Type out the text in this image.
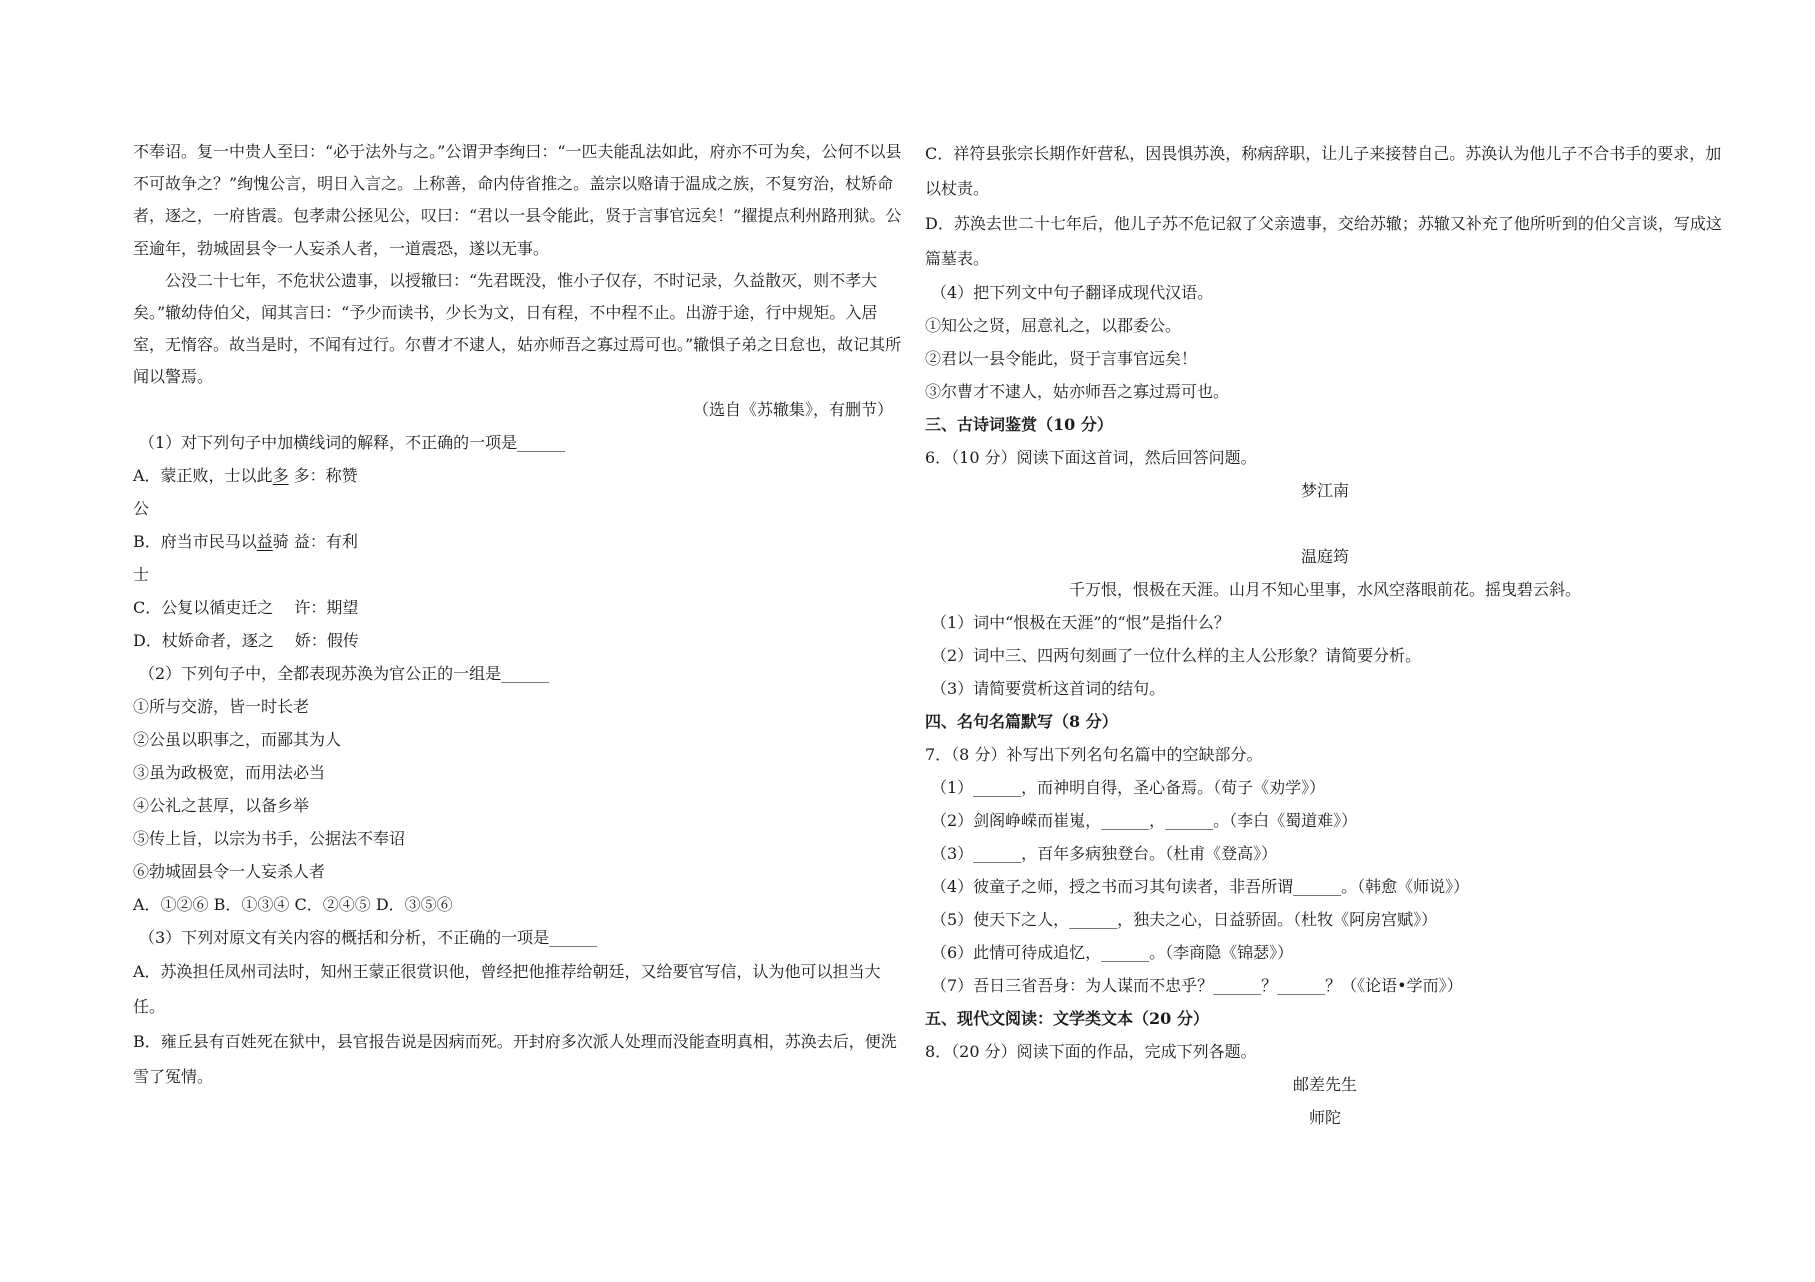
不奉诏。复一中贵人至曰：“必于法外与之。”公谓尹李绚曰：“一匹夫能乱法如此，府亦不可为矣，公何不以县不可故争之？”绚愧公言，明日入言之。上称善，命内侍省推之。盖宗以赂请于温成之族，不复穷治，杖矫命者，逐之，一府皆震。包孝肃公拯见公，叹曰：“君以一县令能此，贤于言事官远矣！”擢提点利州路刑狱。公至逾年，勃城固县令一人妄杀人者，一道震恐，遂以无事。

公没二十七年，不危状公遗事，以授辙曰：“先君既没，惟小子仅存，不时记录，久益散灭，则不孝大矣。”辙幼侍伯父，闻其言曰：“予少而读书，少长为文，日有程，不中程不止。出游于途，行中规矩。入居室，无惰容。故当是时，不闻有过行。尔曹才不逮人，姑亦师吾之寡过焉可也。”辙惧子弟之日怠也，故记其所闻以警焉。

（选自《苏辙集》，有删节）

（1）对下列句子中加横线词的解释，不正确的一项是______

A．蒙正败，士以此多 多：称赞

公

B．府当市民马以益骑 益：有利

士

C．公复以循吏迁之　 许：期望

D．杖娇命者，逐之　 娇：假传

（2）下列句子中，全都表现苏涣为官公正的一组是______

①所与交游，皆一时长老

②公虽以职事之，而鄙其为人

③虽为政极宽，而用法必当

④公礼之甚厚，以备乡举

⑤传上旨，以宗为书手，公据法不奉诏

⑥勃城固县令一人妄杀人者

A．①②⑥ B．①③④ C．②④⑤ D．③⑤⑥

（3）下列对原文有关内容的概括和分析，不正确的一项是______

A．苏涣担任凤州司法时，知州王蒙正很赏识他，曾经把他推荐给朝廷，又给要官写信，认为他可以担当大任。

B．雍丘县有百姓死在狱中，县官报告说是因病而死。开封府多次派人处理而没能查明真相，苏涣去后，便洗雪了冤情。

C．祥符县张宗长期作奸营私，因畏惧苏涣，称病辞职，让儿子来接替自己。苏涣认为他儿子不合书手的要求，加以杖责。

D．苏涣去世二十七年后，他儿子苏不危记叙了父亲遗事，交给苏辙；苏辙又补充了他所听到的伯父言谈，写成这篇墓表。

（4）把下列文中句子翻译成现代汉语。

①知公之贤，屈意礼之，以郡委公。

②君以一县令能此，贤于言事官远矣！

③尔曹才不逮人，姑亦师吾之寡过焉可也。

三、古诗词鉴赏（10 分）

6．（10 分）阅读下面这首词，然后回答问题。

梦江南

温庭筠

千万恨，恨极在天涯。山月不知心里事，水风空落眼前花。摇曳碧云斜。

（1）词中“恨极在天涯”的“恨”是指什么？

（2）词中三、四两句刻画了一位什么样的主人公形象？请简要分析。

（3）请简要赏析这首词的结句。

四、名句名篇默写（8 分）

7．（8 分）补写出下列名句名篇中的空缺部分。

（1）______，而神明自得，圣心备焉。（荀子《劝学》）

（2）剑阁峥嵘而崔嵬，______，______。（李白《蜀道难》）

（3）______，百年多病独登台。（杜甫《登高》）

（4）彼童子之师，授之书而习其句读者，非吾所谓______。（韩愈《师说》）

（5）使天下之人，______，独夫之心，日益骄固。（杜牧《阿房宫赋》）

（6）此情可待成追忆，______。（李商隐《锦瑟》）

（7）吾日三省吾身：为人谋而不忠乎？______？______？（《论语•学而》）

五、现代文阅读：文学类文本（20 分）

8．（20 分）阅读下面的作品，完成下列各题。

邮差先生

师陀
